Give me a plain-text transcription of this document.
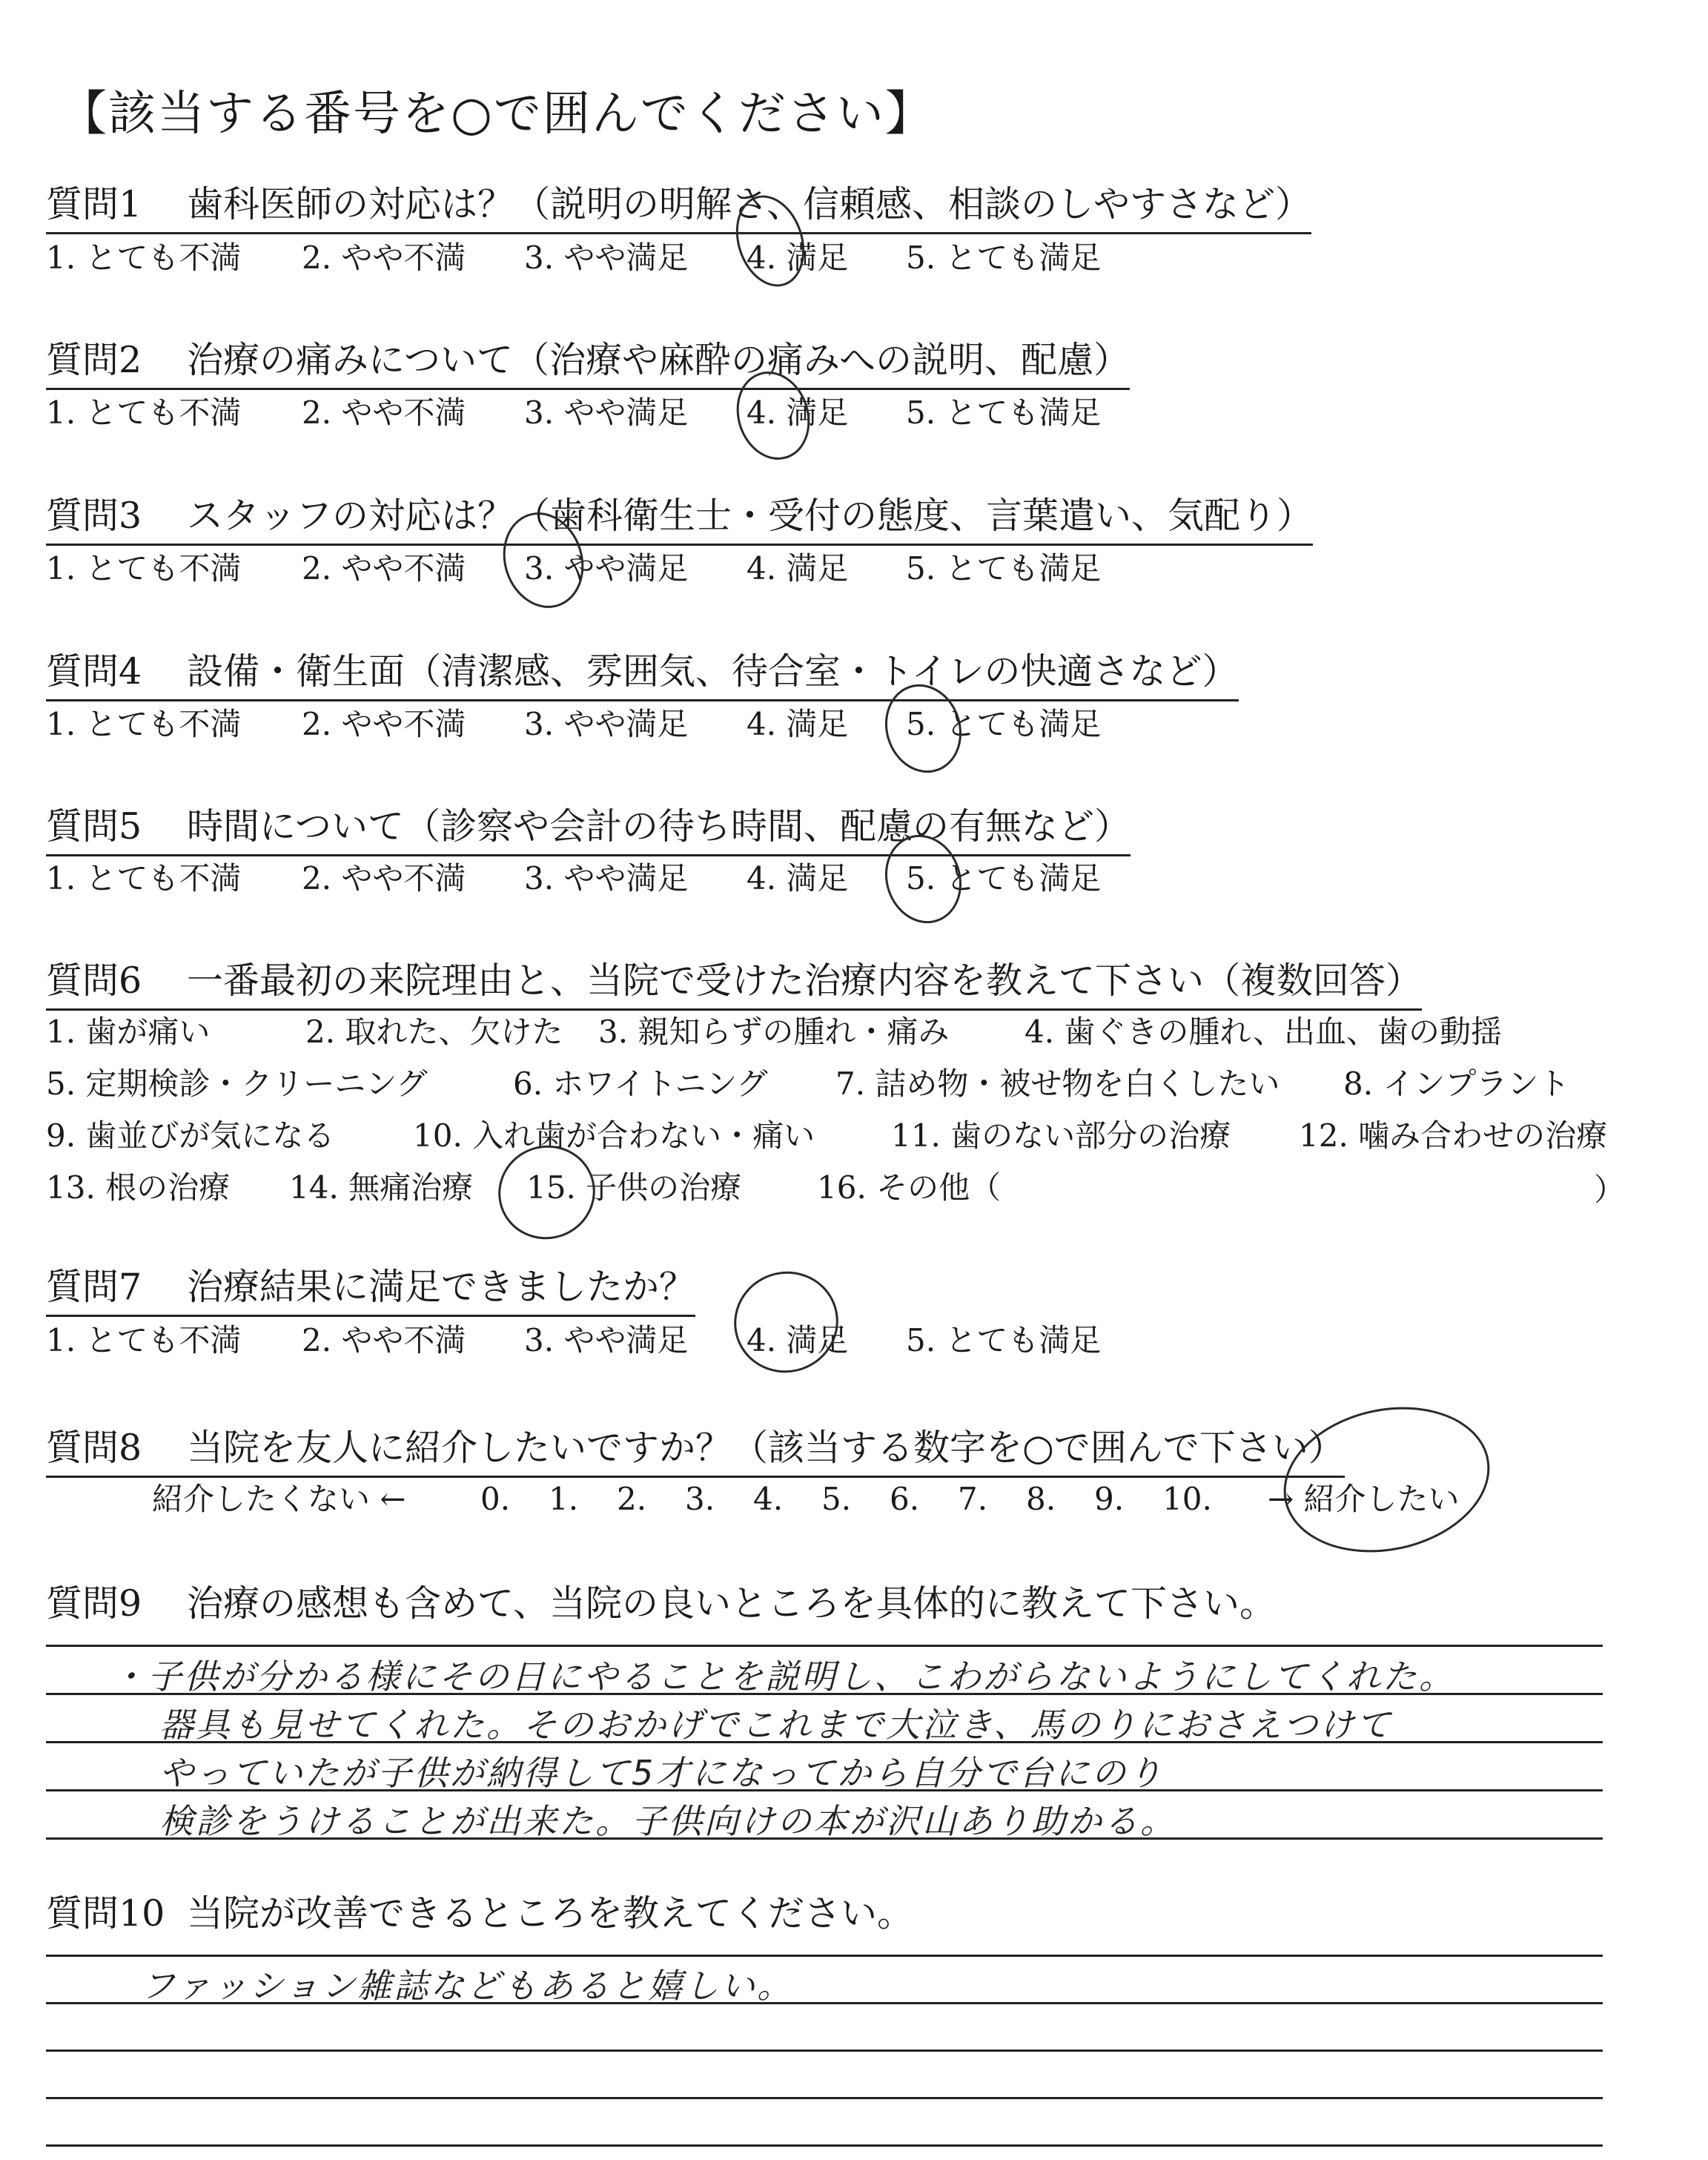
【該当する番号を○で囲んでください】
質問1 歯科医師の対応は？（説明の明解さ、信頼感、相談のしやすさなど）
1. とても不満 2. やや不満 3. やや満足 4. 満足 5. とても満足
質問2 治療の痛みについて（治療や麻酔の痛みへの説明、配慮）
1. とても不満 2. やや不満 3. やや満足 4. 満足 5. とても満足
質問3 スタッフの対応は？（歯科衛生士・受付の態度、言葉遣い、気配り）
1. とても不満 2. やや不満 3. やや満足 4. 満足 5. とても満足
質問4 設備・衛生面（清潔感、雰囲気、待合室・トイレの快適さなど）
1. とても不満 2. やや不満 3. やや満足 4. 満足 5. とても満足
質問5 時間について（診察や会計の待ち時間、配慮の有無など）
1. とても不満 2. やや不満 3. やや満足 4. 満足 5. とても満足
質問6 一番最初の来院理由と、当院で受けた治療内容を教えて下さい（複数回答）
1. 歯が痛い	2. 取れた、欠けた 3. 親知らずの腫れ・痛み 4. 歯ぐきの腫れ、出血、歯の動揺
5. 定期検診・クリーニング	6. ホワイトニング 7. 詰め物・被せ物を白くしたい 8. インプラント
9. 歯並びが気になる	10. 入れ歯が合わない・痛い 11. 歯のない部分の治療 12. 噛み合わせの治療
13. 根の治療 14. 無痛治療 15. 子供の治療 16. その他（	）
質問7 治療結果に満足できましたか？
1. とても不満 2. やや不満 3. やや満足 4. 満足 5. とても満足
質問8 当院を友人に紹介したいですか？（該当する数字を○で囲んで下さい）
紹介したくない ← 0. 1. 2. 3. 4. 5. 6. 7. 8. 9. 10. → 紹介したい
質問9 治療の感想も含めて、当院の良いところを具体的に教えて下さい。
・子供が分かる様にその日にやることを説明し、こわがらないようにしてくれた。
器具も見せてくれた。そのおかげでこれまで大泣き、馬のりにおさえつけて
やっていたが子供が納得して5才になってから自分で台にのり
検診をうけることが出来た。子供向けの本が沢山あり助かる。
質問10 当院が改善できるところを教えてください。
ファッション雑誌などもあると嬉しい。
